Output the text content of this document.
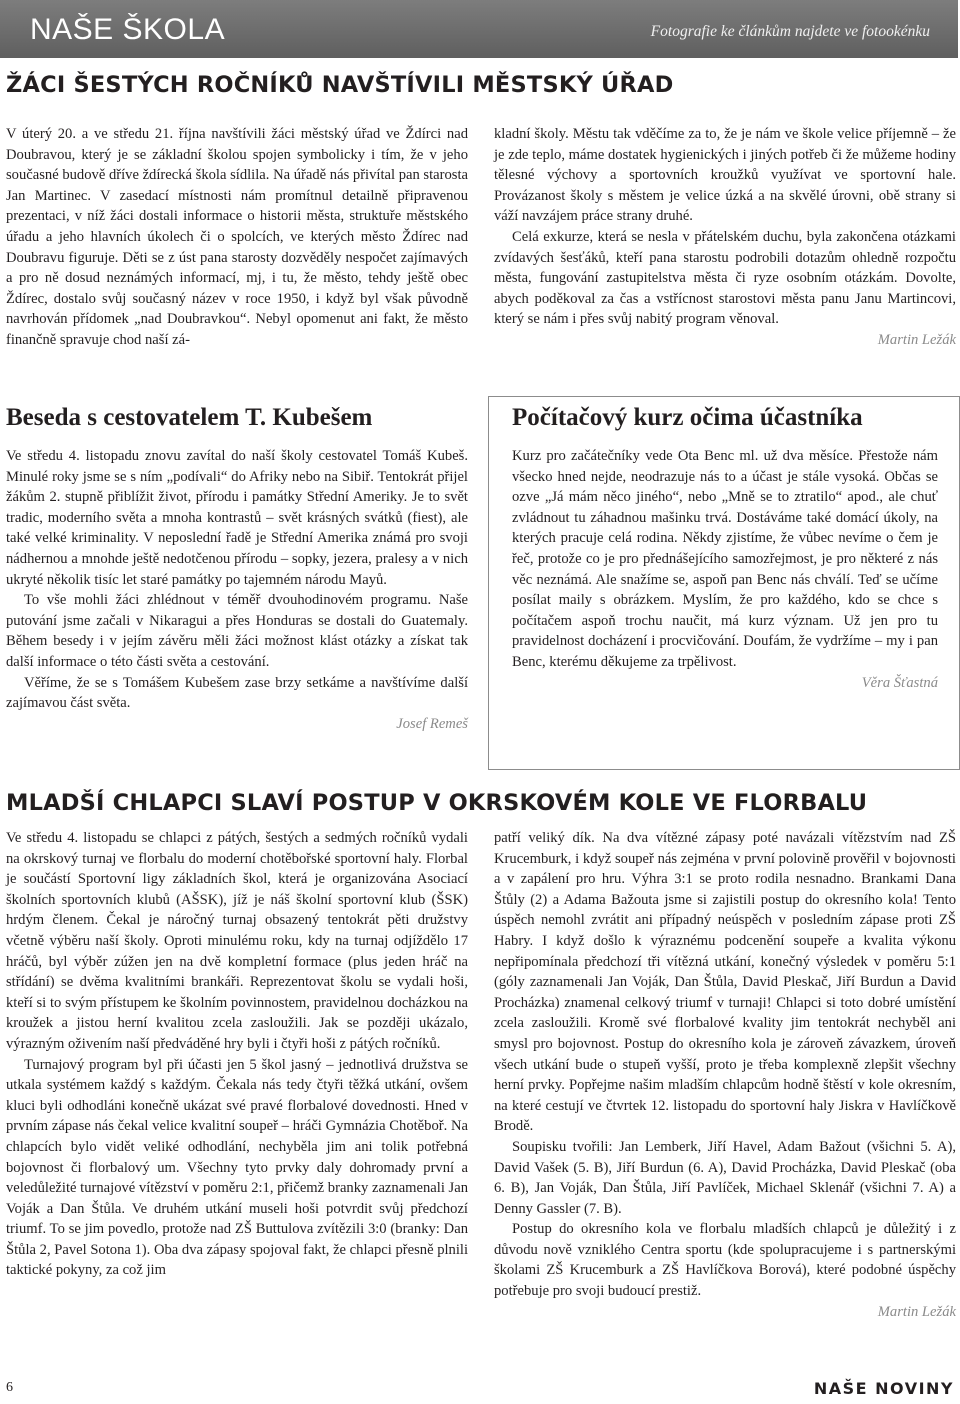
NAŠE ŠKOLA	Fotografie ke článkům najdete ve fotookénku
ŽÁCI ŠESTÝCH ROČNÍKŮ NAVŠTÍVILI MĚSTSKÝ ÚŘAD

V úterý 20. a ve středu 21. října navštívili žáci městský úřad ve Ždírci nad Doubravou, který je se základní školou spojen symbolicky i tím, že v jeho současné budově dříve ždírecká škola sídlila. Na úřadě nás přivítal pan starosta Jan Martinec. V zasedací místnosti nám promítnul detailně připravenou prezentaci, v níž žáci dostali informace o historii města, struktuře městského úřadu a jeho hlavních úkolech či o spolcích, ve kterých město Ždírec nad Doubravu figuruje. Děti se z úst pana starosty dozvěděly nespočet zajímavých a pro ně dosud neznámých informací, mj, i tu, že město, tehdy ještě obec Ždírec, dostalo svůj současný název v roce 1950, i když byl však původně navrhován přídomek „nad Doubravkou“. Nebyl opomenut ani fakt, že město finančně spravuje chod naší zá-

kladní školy. Městu tak vděčíme za to, že je nám ve škole velice příjemně – že je zde teplo, máme dostatek hygienických i jiných potřeb či že můžeme hodiny tělesné výchovy a sportovních kroužků využívat ve sportovní hale. Provázanost školy s městem je velice úzká a na skvělé úrovni, obě strany si váží navzájem práce strany druhé.

Celá exkurze, která se nesla v přátelském duchu, byla zakončena otázkami zvídavých šesťáků, kteří pana starostu podrobili dotazům ohledně rozpočtu města, fungování zastupitelstva města či ryze osobním otázkám. Dovolte, abych poděkoval za čas a vstřícnost starostovi města panu Janu Martincovi, který se nám i přes svůj nabitý program věnoval.

Martin Ležák

Beseda s cestovatelem T. Kubešem

Ve středu 4. listopadu znovu zavítal do naší školy cestovatel Tomáš Kubeš. Minulé roky jsme se s ním „podívali“ do Afriky nebo na Sibiř. Tentokrát přijel žákům 2. stupně přiblížit život, přírodu i památky Střední Ameriky. Je to svět tradic, moderního světa a mnoha kontrastů – svět krásných svátků (fiest), ale také velké kriminality. V neposlední řadě je Střední Amerika známá pro svoji nádhernou a mnohde ještě nedotčenou přírodu – sopky, jezera, pralesy a v nich ukryté několik tisíc let staré památky po tajemném národu Mayů.

To vše mohli žáci zhlédnout v téměř dvouhodinovém programu. Naše putování jsme začali v Nikaragui a přes Honduras se dostali do Guatemaly. Během besedy i v jejím závěru měli žáci možnost klást otázky a získat tak další informace o této části světa a cestování.

Věříme, že se s Tomášem Kubešem zase brzy setkáme a navštívíme další zajímavou část světa.

Josef Remeš

Počítačový kurz očima účastníka

Kurz pro začátečníky vede Ota Benc ml. už dva měsíce. Přestože nám všecko hned nejde, neodrazuje nás to a účast je stále vysoká. Občas se ozve „Já mám něco jiného“, nebo „Mně se to ztratilo“ apod., ale chuť zvládnout tu záhadnou mašinku trvá. Dostáváme také domácí úkoly, na kterých pracuje celá rodina. Někdy zjistíme, že vůbec nevíme o čem je řeč, protože co je pro přednášejícího samozřejmost, je pro některé z nás věc neznámá. Ale snažíme se, aspoň pan Benc nás chválí. Teď se učíme posílat maily s obrázkem. Myslím, že pro každého, kdo se chce s počítačem aspoň trochu naučit, má kurz význam. Už jen pro tu pravidelnost docházení i procvičování. Doufám, že vydržíme – my i pan Benc, kterému děkujeme za trpělivost.

Věra Šťastná

MLADŠÍ CHLAPCI SLAVÍ POSTUP V OKRSKOVÉM KOLE VE FLORBALU

Ve středu 4. listopadu se chlapci z pátých, šestých a sedmých ročníků vydali na okrskový turnaj ve florbalu do moderní chotěbořské sportovní haly. Florbal je součástí Sportovní ligy základních škol, která je organizována Asociací školních sportovních klubů (AŠSK), jíž je náš školní sportovní klub (ŠSK) hrdým členem. Čekal je náročný turnaj obsazený tentokrát pěti družstvy včetně výběru naší školy. Oproti minulému roku, kdy na turnaj odjíždělo 17 hráčů, byl výběr zúžen jen na dvě kompletní formace (plus jeden hráč na střídání) se dvěma kvalitními brankáři. Reprezentovat školu se vydali hoši, kteří si to svým přístupem ke školním povinnostem, pravidelnou docházkou na kroužek a jistou herní kvalitou zcela zasloužili. Jak se později ukázalo, výrazným oživením naší předváděné hry byli i čtyři hoši z pátých ročníků.

Turnajový program byl při účasti jen 5 škol jasný – jednotlivá družstva se utkala systémem každý s každým. Čekala nás tedy čtyři těžká utkání, ovšem kluci byli odhodláni konečně ukázat své pravé florbalové dovednosti. Hned v prvním zápase nás čekal velice kvalitní soupeř – hráči Gymnázia Chotěboř. Na chlapcích bylo vidět veliké odhodlání, nechyběla jim ani tolik potřebná bojovnost či florbalový um. Všechny tyto prvky daly dohromady první a veledůležité turnajové vítězství v poměru 2:1, přičemž branky zaznamenali Jan Voják a Dan Štůla. Ve druhém utkání museli hoši potvrdit svůj předchozí triumf. To se jim povedlo, protože nad ZŠ Buttulova zvítězili 3:0 (branky: Dan Štůla 2, Pavel Sotona 1). Oba dva zápasy spojoval fakt, že chlapci přesně plnili taktické pokyny, za což jim

patří veliký dík. Na dva vítězné zápasy poté navázali vítězstvím nad ZŠ Krucemburk, i když soupeř nás zejména v první polovině prověřil v bojovnosti a v zapálení pro hru. Výhra 3:1 se proto rodila nesnadno. Brankami Dana Štůly (2) a Adama Bažouta jsme si zajistili postup do okresního kola! Tento úspěch nemohl zvrátit ani případný neúspěch v posledním zápase proti ZŠ Habry. I když došlo k výraznému podcenění soupeře a kvalita výkonu nepřipomínala předchozí tři vítězná utkání, konečný výsledek v poměru 5:1 (góly zaznamenali Jan Voják, Dan Štůla, David Pleskač, Jiří Burdun a David Procházka) znamenal celkový triumf v turnaji! Chlapci si toto dobré umístění zcela zasloužili. Kromě své florbalové kvality jim tentokrát nechyběl ani smysl pro bojovnost. Postup do okresního kola je zároveň závazkem, úroveň všech utkání bude o stupeň vyšší, proto je třeba komplexně zlepšit všechny herní prvky. Popřejme našim mladším chlapcům hodně štěstí v kole okresním, na které cestují ve čtvrtek 12. listopadu do sportovní haly Jiskra v Havlíčkově Brodě.

Soupisku tvořili: Jan Lemberk, Jiří Havel, Adam Bažout (všichni 5. A), David Vašek (5. B), Jiří Burdun (6. A), David Procházka, David Pleskač (oba 6. B), Jan Voják, Dan Štůla, Jiří Pavlíček, Michael Sklenář (všichni 7. A) a Denny Gassler (7. B).

Postup do okresního kola ve florbalu mladších chlapců je důležitý i z důvodu nově vzniklého Centra sportu (kde spolupracujeme i s partnerskými školami ZŠ Krucemburk a ZŠ Havlíčkova Borová), které podobné úspěchy potřebuje pro svoji budoucí prestiž.

Martin Ležák

6	NAŠE NOVINY
